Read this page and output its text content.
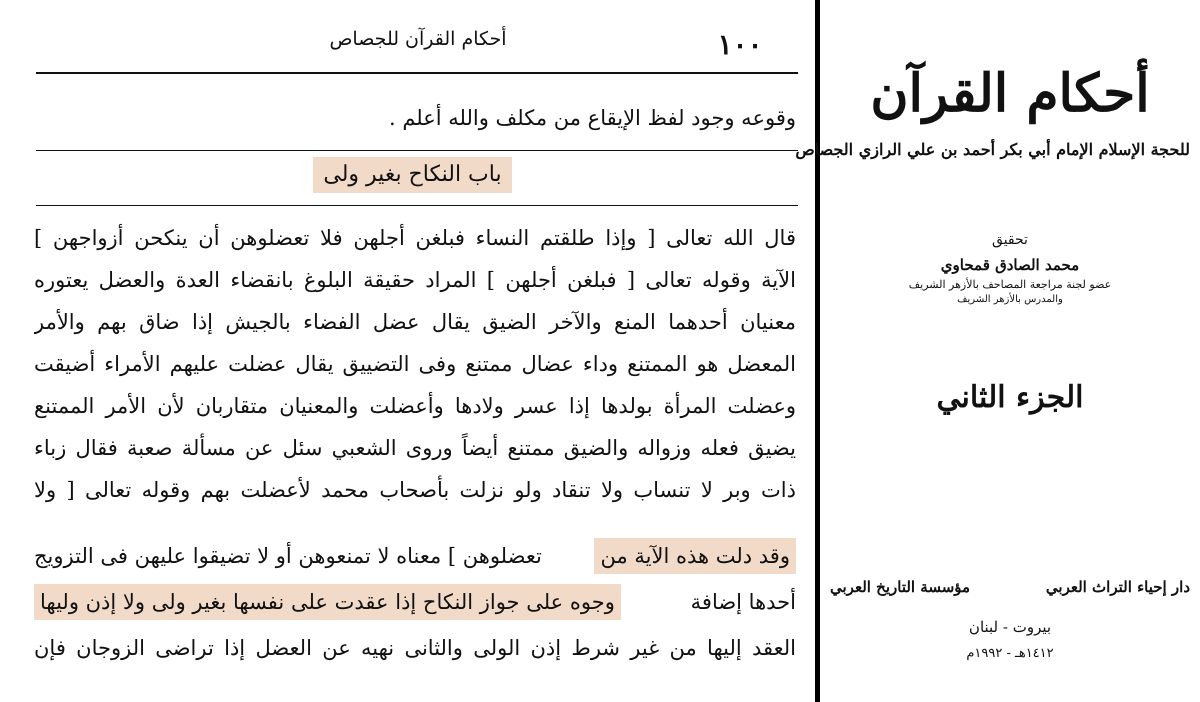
أحكام القرآن للجصاص	١٠٠
وقوعه وجود لفظ الإيقاع من مكلف والله أعلم .
باب النكاح بغير ولى
قال الله تعالى [ وإذا طلقتم النساء فبلغن أجلهن فلا تعضلوهن أن ينكحن أزواجهن ]
الآية وقوله تعالى [ فبلغن أجلهن ] المراد حقيقة البلوغ بانقضاء العدة والعضل يعتوره
معنيان أحدهما المنع والآخر الضيق يقال عضل الفضاء بالجيش إذا ضاق بهم والأمر
المعضل هو الممتنع وداء عضال ممتنع وفى التضييق يقال عضلت عليهم الأمراء أضيقت
وعضلت المرأة بولدها إذا عسر ولادها وأعضلت والمعنيان متقاربان لأن الأمر الممتنع
يضيق فعله وزواله والضيق ممتنع أيضاً وروى الشعبي سئل عن مسألة صعبة فقال زباء
ذات وبر لا تنساب ولا تنقاد ولو نزلت بأصحاب محمد لأعضلت بهم وقوله تعالى [ ولا
وقد دلت هذه الآية من
تعضلوهن ] معناه لا تمنعوهن أو لا تضيقوا عليهن فى التزويج
أحدها إضافة
وجوه على جواز النكاح إذا عقدت على نفسها بغير ولى ولا إذن وليها
العقد إليها من غير شرط إذن الولى والثانى نهيه عن العضل إذا تراضى الزوجان فإن
أحكام القرآن
للحجة الإسلام الإمام أبي بكر أحمد بن علي الرازي الجصاص
تحقيق
محمد الصادق قمحاوي
عضو لجنة مراجعة المصاحف بالأزهر الشريف
والمدرس بالأزهر الشريف
الجزء الثاني
دار إحياء التراث العربي
مؤسسة التاريخ العربي
بيروت - لبنان
١٤١٢هـ - ١٩٩٢م
